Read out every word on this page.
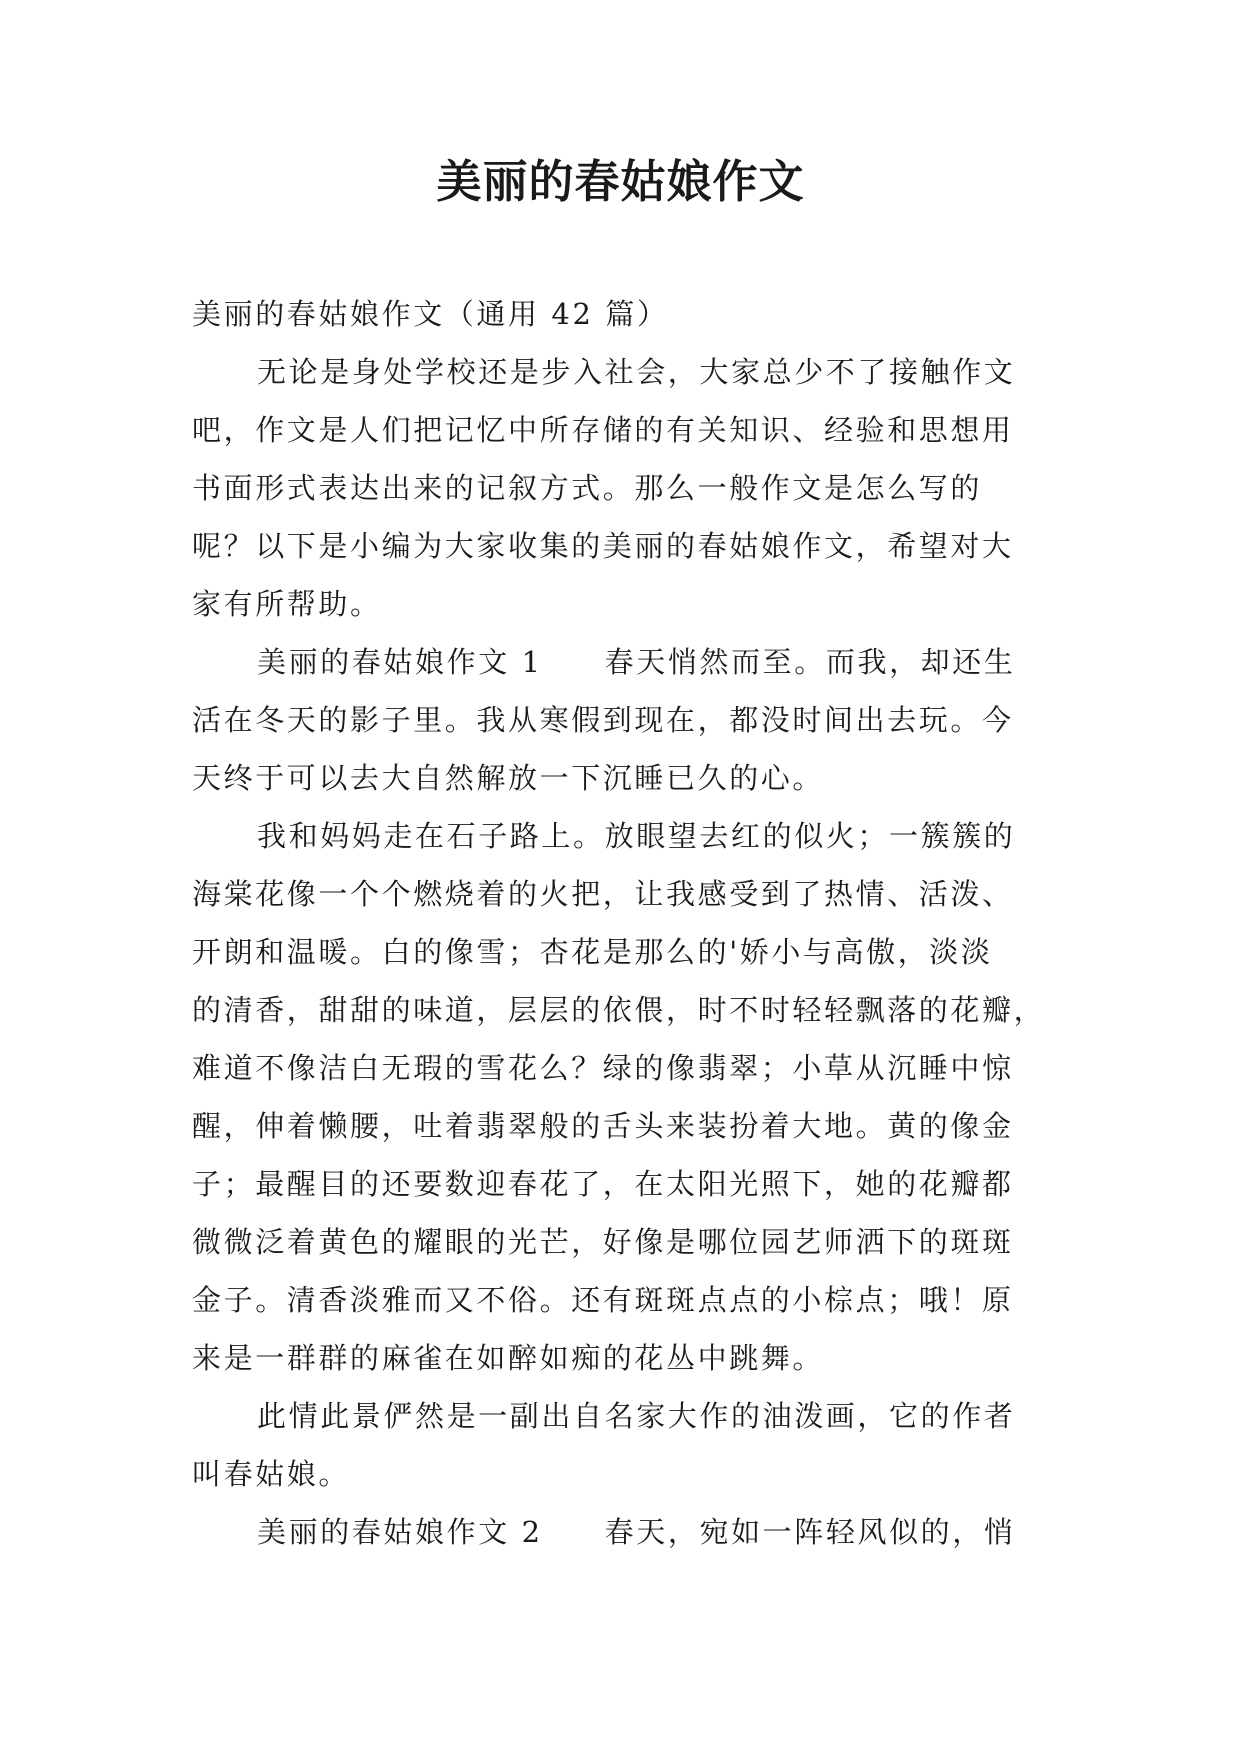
美丽的春姑娘作文
美丽的春姑娘作文（通用 42 篇）
无论是身处学校还是步入社会，大家总少不了接触作文
吧，作文是人们把记忆中所存储的有关知识、经验和思想用
书面形式表达出来的记叙方式。那么一般作文是怎么写的
呢？以下是小编为大家收集的美丽的春姑娘作文，希望对大
家有所帮助。
美丽的春姑娘作文 1 春天悄然而至。而我，却还生
活在冬天的影子里。我从寒假到现在，都没时间出去玩。今
天终于可以去大自然解放一下沉睡已久的心。
我和妈妈走在石子路上。放眼望去红的似火；一簇簇的
海棠花像一个个燃烧着的火把，让我感受到了热情、活泼、
开朗和温暖。白的像雪；杏花是那么的'娇小与高傲，淡淡
的清香，甜甜的味道，层层的依偎，时不时轻轻飘落的花瓣，
难道不像洁白无瑕的雪花么？绿的像翡翠；小草从沉睡中惊
醒，伸着懒腰，吐着翡翠般的舌头来装扮着大地。黄的像金
子；最醒目的还要数迎春花了，在太阳光照下，她的花瓣都
微微泛着黄色的耀眼的光芒，好像是哪位园艺师洒下的斑斑
金子。清香淡雅而又不俗。还有斑斑点点的小棕点；哦！原
来是一群群的麻雀在如醉如痴的花丛中跳舞。
此情此景俨然是一副出自名家大作的油泼画，它的作者
叫春姑娘。
美丽的春姑娘作文 2 春天，宛如一阵轻风似的，悄
